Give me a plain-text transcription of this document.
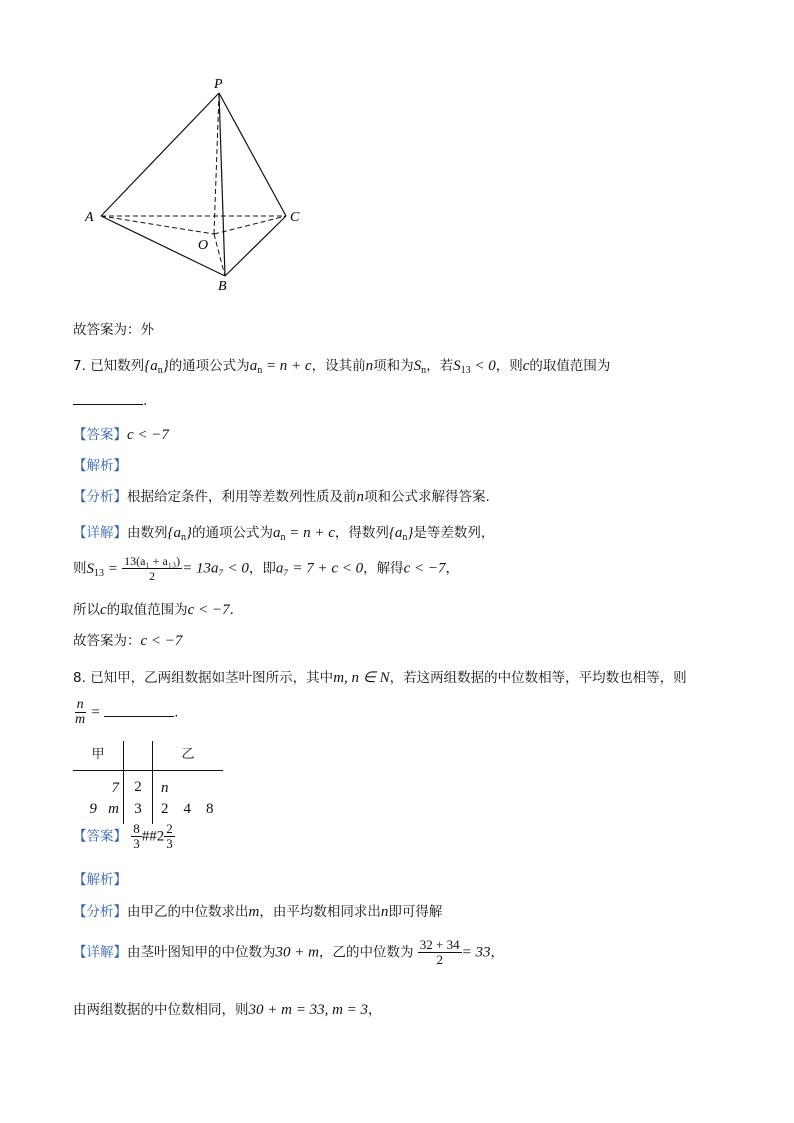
P
A	C
O
B
故答案为：外
7. 已知数列$\{a_n\}$的通项公式为$a_n = n + c$，设其前n项和为$S_n$，若$S_{13} < 0$，则c的取值范围为
.
【答案】c < −7
【解析】
【分析】根据给定条件，利用等差数列性质及前n项和公式求解得答案.
【详解】由数列$\{a_n\}$的通项公式为$a_n = n + c$，得数列$\{a_n\}$是等差数列，
则$S_{13} = \frac{\text{13(a₁ + a₁₃)}}{2} = 13a_7 < 0$，即a₇ = 7 + c < 0，解得c < −7，
所以c的取值范围为c < −7.
故答案为：c < −7
8. 已知甲，乙两组数据如茎叶图所示，其中m, n ∈ N，若这两组数据的中位数相等，平均数也相等，则
$\frac{n}{m}$ =	.
甲		乙
7	2	n
9   m	3	2    4    8
【答案】 $\frac{8}{3}$ ##2 $\frac{2}{3}$
【解析】
【分析】由甲乙的中位数求出m，由平均数相同求出n即可得解
【详解】由茎叶图知甲的中位数为30 + m，乙的中位数为 $\frac{32 + 34}{2} = 33$，
由两组数据的中位数相同，则30 + m = 33, m = 3，
